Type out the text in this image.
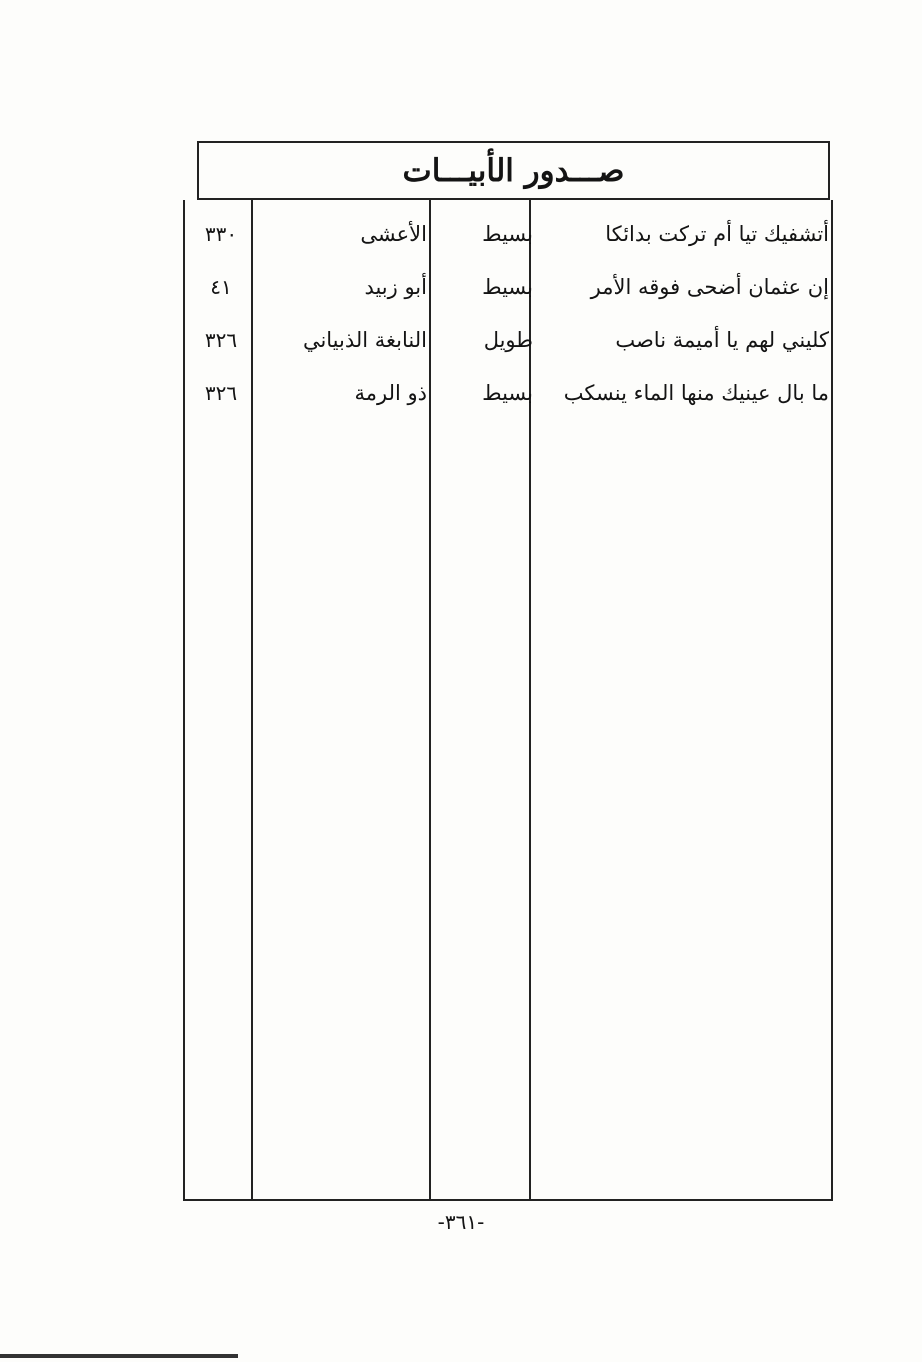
صـــدور الأبيـــات
أتشفيك تيا أم تركت بدائكا
بسيط
الأعشى
٣٣٠
إن عثمان أضحى فوقه الأمر
بسيط
أبو زبيد
٤١
كليني لهم يا أميمة ناصب
طويل
النابغة الذبياني
٣٢٦
ما بال عينيك منها الماء ينسكب
بسيط
ذو الرمة
٣٢٦
-٣٦١-
